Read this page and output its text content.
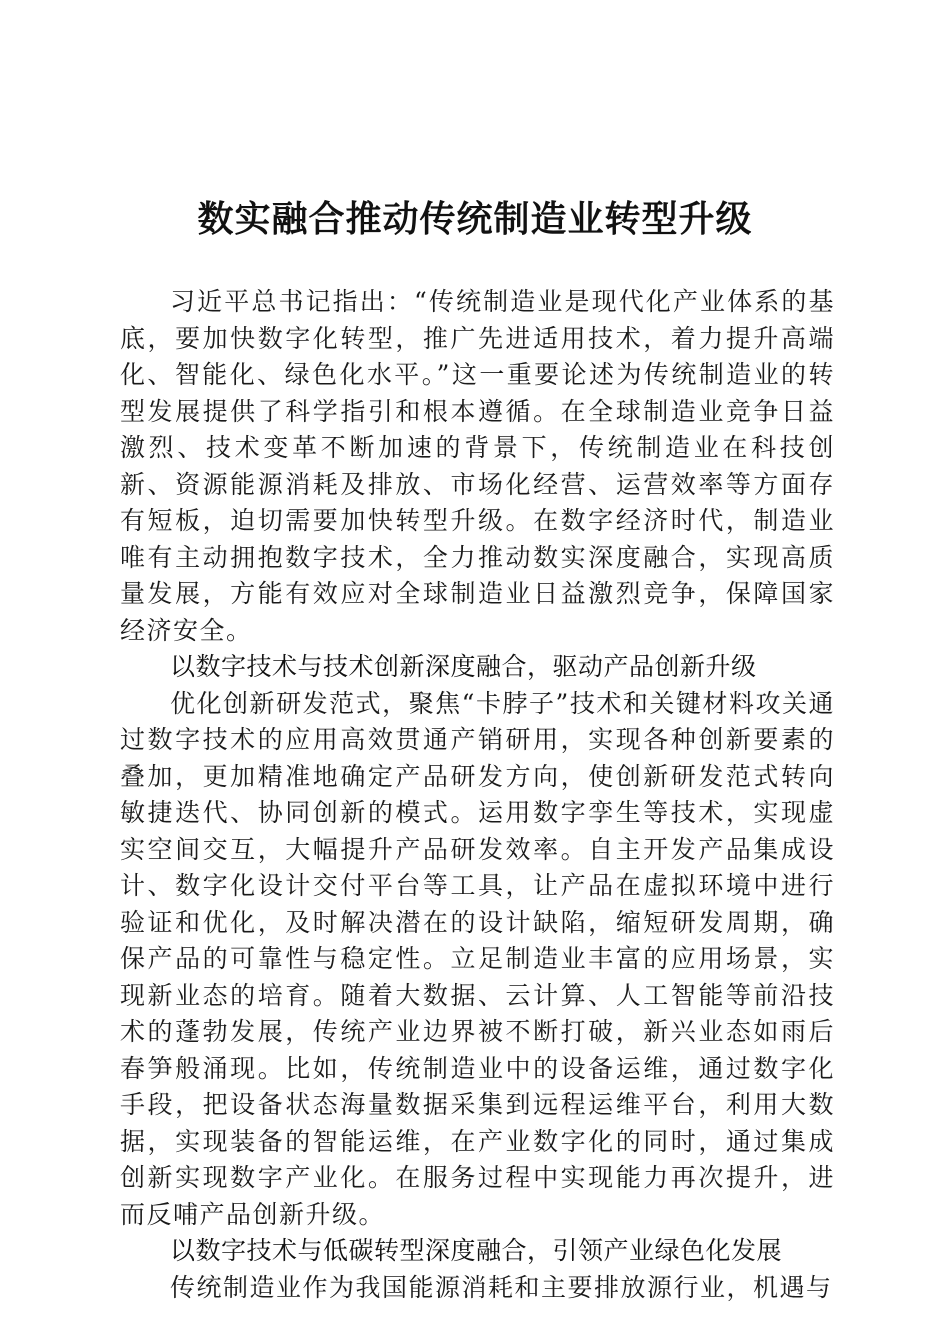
数实融合推动传统制造业转型升级

习近平总书记指出：“传统制造业是现代化产业体系的基底，要加快数字化转型，推广先进适用技术，着力提升高端化、智能化、绿色化水平。”这一重要论述为传统制造业的转型发展提供了科学指引和根本遵循。在全球制造业竞争日益激烈、技术变革不断加速的背景下，传统制造业在科技创新、资源能源消耗及排放、市场化经营、运营效率等方面存有短板，迫切需要加快转型升级。在数字经济时代，制造业唯有主动拥抱数字技术，全力推动数实深度融合，实现高质量发展，方能有效应对全球制造业日益激烈竞争，保障国家经济安全。

以数字技术与技术创新深度融合，驱动产品创新升级

优化创新研发范式，聚焦“卡脖子”技术和关键材料攻关通过数字技术的应用高效贯通产销研用，实现各种创新要素的叠加，更加精准地确定产品研发方向，使创新研发范式转向敏捷迭代、协同创新的模式。运用数字孪生等技术，实现虚实空间交互，大幅提升产品研发效率。自主开发产品集成设计、数字化设计交付平台等工具，让产品在虚拟环境中进行验证和优化，及时解决潜在的设计缺陷，缩短研发周期，确保产品的可靠性与稳定性。立足制造业丰富的应用场景，实现新业态的培育。随着大数据、云计算、人工智能等前沿技术的蓬勃发展，传统产业边界被不断打破，新兴业态如雨后春笋般涌现。比如，传统制造业中的设备运维，通过数字化手段，把设备状态海量数据采集到远程运维平台，利用大数据，实现装备的智能运维，在产业数字化的同时，通过集成创新实现数字产业化。在服务过程中实现能力再次提升，进而反哺产品创新升级。

以数字技术与低碳转型深度融合，引领产业绿色化发展

传统制造业作为我国能源消耗和主要排放源行业，机遇与
